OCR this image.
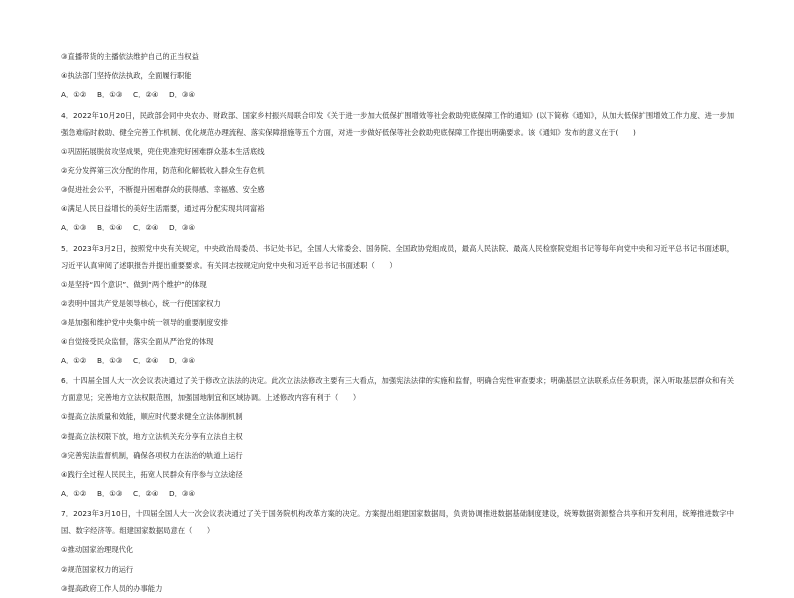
③直播带货的主播依法维护自己的正当权益
④执法部门坚持依法执政，全面履行职能
A．①②	B．①③	C．②④	D．③④
4．2022年10月20日，民政部会同中央农办、财政部、国家乡村振兴局联合印发《关于进一步加大低保扩围增效等社会救助兜底保障工作的通知》(以下简称《通知》，从加大低保扩围增效工作力度、进一步加强急难临时救助、健全完善工作机制、优化规范办理流程、落实保障措施等五个方面，对进一步做好低保等社会救助兜底保障工作提出明确要求。该《通知》发布的意义在于(　　)
①巩固拓展脱贫攻坚成果，兜住兜准兜好困难群众基本生活底线
②充分发挥第三次分配的作用，防范和化解低收入群众生存危机
③促进社会公平，不断提升困难群众的获得感、幸福感、安全感
④满足人民日益增长的美好生活需要，通过再分配实现共同富裕
A．①③	B．①④	C．②④	D．③④
5．2023年3月2日，按照党中央有关规定，中央政治局委员、书记处书记，全国人大常委会、国务院、全国政协党组成员，最高人民法院、最高人民检察院党组书记等每年向党中央和习近平总书记书面述职，习近平认真审阅了述职报告并提出重要要求。有关同志按规定向党中央和习近平总书记书面述职（　　）
①是坚持“四个意识”、做到“两个维护”的体现
②表明中国共产党是领导核心，统一行使国家权力
③是加强和维护党中央集中统一领导的重要制度安排
④自觉接受民众监督，落实全面从严治党的体现
A．①②	B．①③	C．②④	D．③④
6．十四届全国人大一次会议表决通过了关于修改立法法的决定。此次立法法修改主要有三大看点，加强宪法法律的实施和监督，明确合宪性审查要求；明确基层立法联系点任务职责，深入听取基层群众和有关方面意见；完善地方立法权限范围，加强国地制宜和区域协调。上述修改内容有利于（　　）
①提高立法质量和效能，顺应时代要求健全立法体制机制
②提高立法权限下放，地方立法机关充分享有立法自主权
③完善宪法监督机制，确保各项权力在法治的轨道上运行
④践行全过程人民民主，拓宽人民群众有序参与立法途径
A．①②	B．①③	C．②④	D．③④
7．2023年3月10日，十四届全国人大一次会议表决通过了关于国务院机构改革方案的决定。方案提出组建国家数据局，负责协调推进数据基础制度建设，统筹数据资源整合共享和开发利用，统筹推进数字中国、数字经济等。组建国家数据局意在（　　）
①推动国家治理现代化
②规范国家权力的运行
③提高政府工作人员的办事能力
